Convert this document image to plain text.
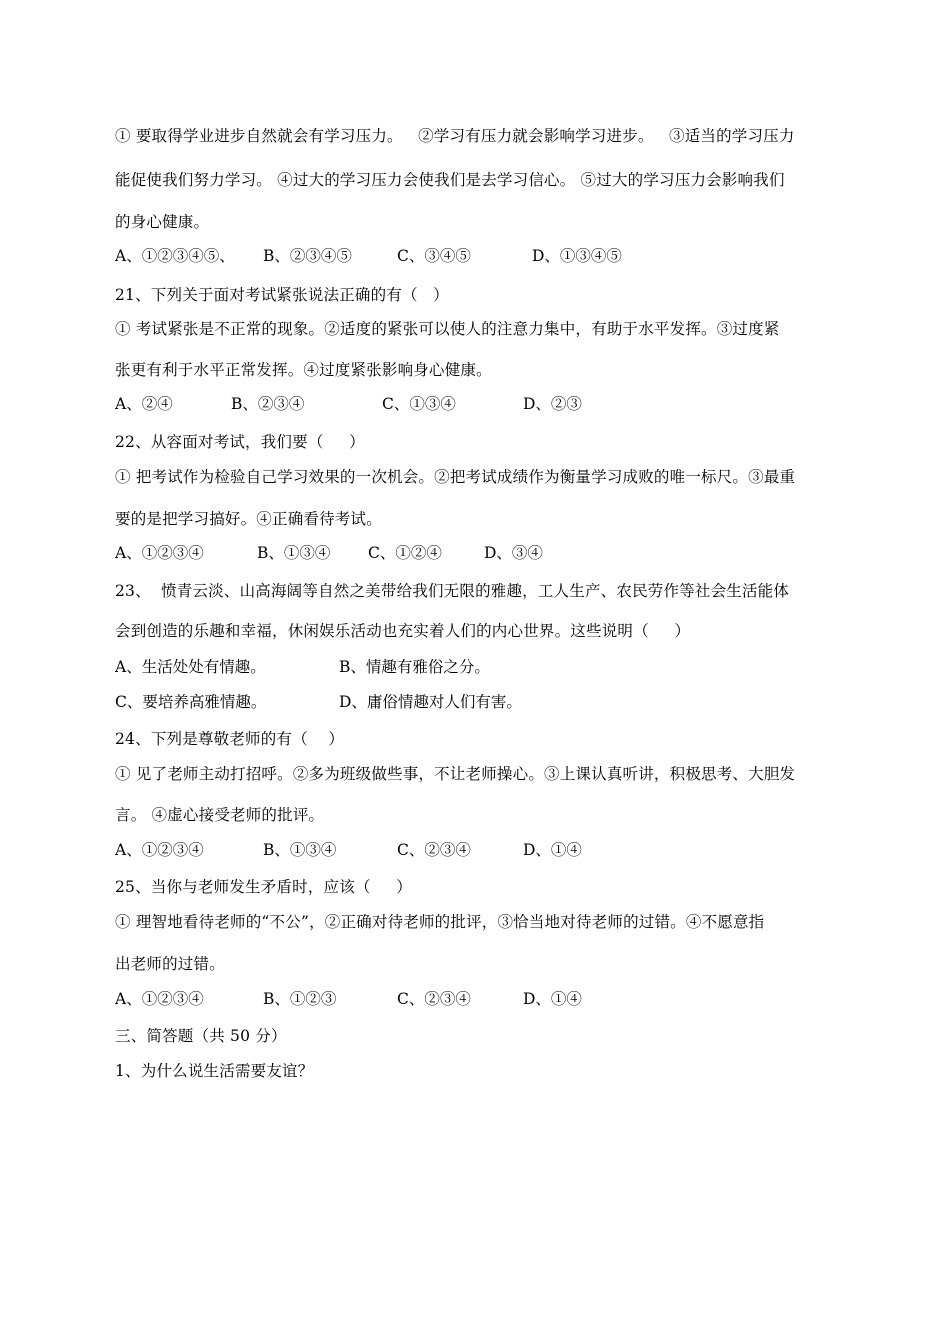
① 要取得学业进步自然就会有学习压力。   ②学习有压力就会影响学习进步。   ③适当的学习压力
能促使我们努力学习。 ④过大的学习压力会使我们是去学习信心。 ⑤过大的学习压力会影响我们
的身心健康。
21、下列关于面对考试紧张说法正确的有（   ）
① 考试紧张是不正常的现象。②适度的紧张可以使人的注意力集中，有助于水平发挥。③过度紧
张更有利于水平正常发挥。④过度紧张影响身心健康。
22、从容面对考试，我们要（     ）
① 把考试作为检验自己学习效果的一次机会。②把考试成绩作为衡量学习成败的唯一标尺。③最重
要的是把学习搞好。④正确看待考试。
23、  愤青云淡、山高海阔等自然之美带给我们无限的雅趣，工人生产、农民劳作等社会生活能体
会到创造的乐趣和幸福，休闲娱乐活动也充实着人们的内心世界。这些说明（     ）
24、下列是尊敬老师的有（    ）
① 见了老师主动打招呼。②多为班级做些事，不让老师操心。③上课认真听讲，积极思考、大胆发
言。 ④虚心接受老师的批评。
25、当你与老师发生矛盾时，应该（     ）
① 理智地看待老师的“不公”，②正确对待老师的批评，③恰当地对待老师的过错。④不愿意指
出老师的过错。
三、简答题（共 50 分）
1、为什么说生活需要友谊？
A、①②③④⑤、 B、②③④⑤	C、③④⑤	D、①③④⑤
A、②④	B、②③④	C、①③④	D、②③
A、①②③④	B、①③④ C、①②④	D、③④
A、生活处处有情趣。	B、情趣有雅俗之分。
C、要培养高雅情趣。	D、庸俗情趣对人们有害。
A、①②③④	B、①③④	C、②③④	D、①④
A、①②③④	B、①②③	C、②③④	D、①④
